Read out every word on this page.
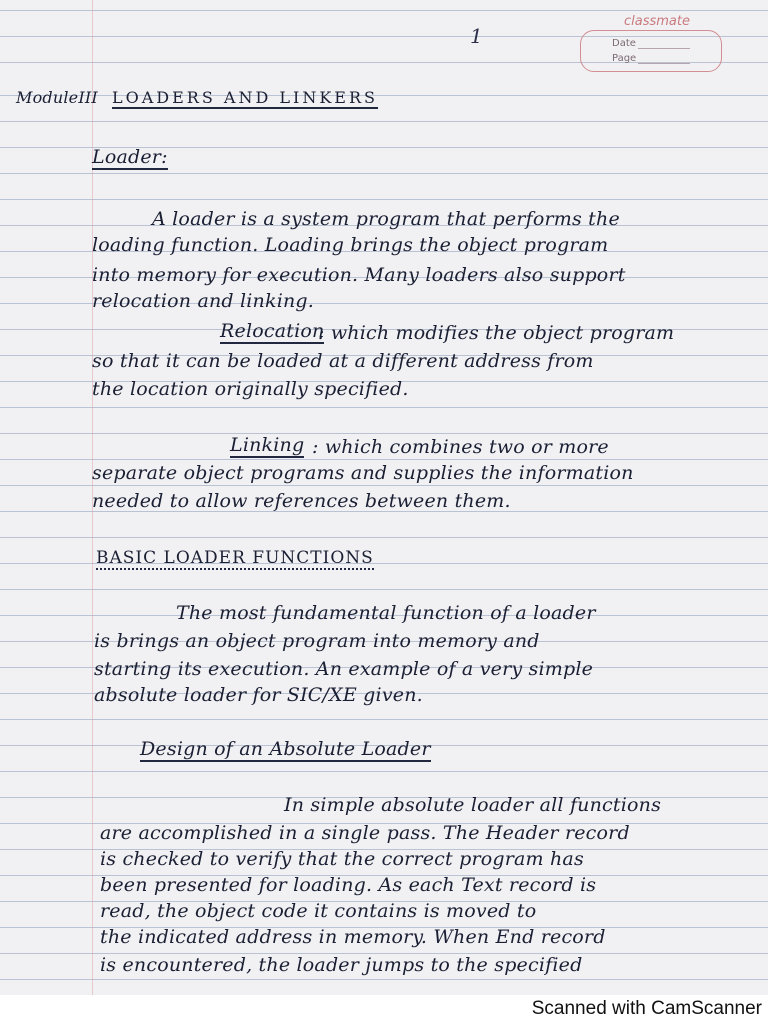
1
classmate
Date
Page
ModuleIII LOADERS AND LINKERS
Loader:
A loader is a system program that performs the
loading function. Loading brings the object program
into memory for execution. Many loaders also support
relocation and linking.
Relocation
: which modifies the object program
so that it can be loaded at a different address from
the location originally specified.
Linking : which combines two or more
separate object programs and supplies the information
needed to allow references between them.
BASIC LOADER FUNCTIONS
The most fundamental function of a loader
is brings an object program into memory and
starting its execution. An example of a very simple
absolute loader for SIC/XE given.
Design of an Absolute Loader
In simple absolute loader all functions
are accomplished in a single pass. The Header record
is checked to verify that the correct program has
been presented for loading. As each Text record is
read, the object code it contains is moved to
the indicated address in memory. When End record
is encountered, the loader jumps to the specified
Scanned with CamScanner
